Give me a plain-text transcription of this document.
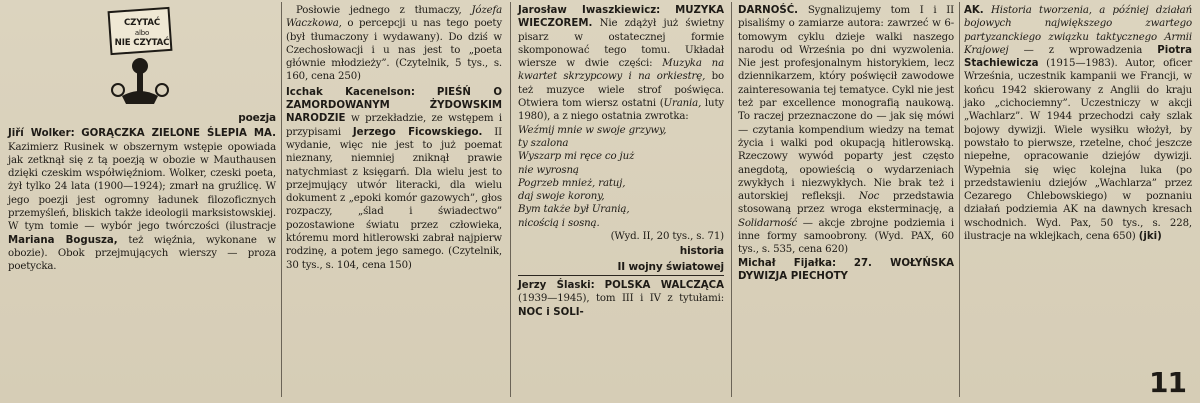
CZYTAĆ
albo
NIE CZYTAĆ
poezja

Jiří Wolker: GORĄCZKA ZIELONE ŚLEPIA MA. Kazimierz Rusinek w obszernym wstępie opowiada jak zetknął się z tą poezją w obozie w Mauthausen dzięki czeskim współwięźniom. Wolker, czeski poeta, żył tylko 24 lata (1900—1924); zmarł na gruźlicę. W jego poezji jest ogromny ładunek filozoficznych przemyśleń, bliskich także ideologii marksistowskiej. W tym tomie — wybór jego twórczości (ilustracje Mariana Bogusza, też więźnia, wykonane w obozie). Obok przejmujących wierszy — proza poetycka.

Posłowie jednego z tłumaczy, Józefa Waczkowa, o percepcji u nas tego poety (był tłumaczony i wydawany). Do dziś w Czechosłowacji i u nas jest to „poeta głównie młodzieży”. (Czytelnik, 5 tys., s. 160, cena 250)

Icchak Kacenelson: PIEŚŃ O ZAMORDOWANYM ŻYDOWSKIM NARODZIE w przekładzie, ze wstępem i przypisami Jerzego Ficowskiego. II wydanie, więc nie jest to już poemat nieznany, niemniej zniknął prawie natychmiast z księgarń. Dla wielu jest to przejmujący utwór literacki, dla wielu dokument z „epoki komór gazowych”, głos rozpaczy, „ślad i świadectwo” pozostawione światu przez człowieka, któremu mord hitlerowski zabrał najpierw rodzinę, a potem jego samego. (Czytelnik, 30 tys., s. 104, cena 150)

Jarosław Iwaszkiewicz: MUZYKA WIECZOREM. Nie zdążył już świetny pisarz w ostatecznej formie skomponować tego tomu. Układał wiersze w dwie części: Muzyka na kwartet skrzypcowy i na orkiestrę, bo też muzyce wiele strof poświęca. Otwiera tom wiersz ostatni (Urania, luty 1980), a z niego ostatnia zwrotka:

Weźmij mnie w swoje grzywy,
ty szalona
Wyszarp mi ręce co już
nie wyrosną
Pogrzeb mnież, ratuj,
daj swoje korony,
Bym także był Uranią,
nicością i sosną.

(Wyd. II, 20 tys., s. 71)

historia
II wojny światowej

Jerzy Ślaski: POLSKA WALCZĄCA (1939—1945), tom III i IV z tytułami: NOC i SOLI-

DARNOŚĆ. Sygnalizujemy tom I i II pisaliśmy o zamiarze autora: zawrzeć w 6-tomowym cyklu dzieje walki naszego narodu od Września po dni wyzwolenia. Nie jest profesjonalnym historykiem, lecz dziennikarzem, który poświęcił zawodowe zainteresowania tej tematyce. Cykl nie jest też par excellence monografią naukową. To raczej przeznaczone do — jak się mówi — czytania kompendium wiedzy na temat życia i walki pod okupacją hitlerowską. Rzeczowy wywód poparty jest często anegdotą, opowieścią o wydarzeniach zwykłych i niezwykłych. Nie brak też i autorskiej refleksji. Noc przedstawia stosowaną przez wroga eksterminację, a Solidarność — akcje zbrojne podziemia i inne formy samoobrony. (Wyd. PAX, 60 tys., s. 535, cena 620)

Michał Fijałka: 27. WOŁYŃSKA DYWIZJA PIECHOTY

AK. Historia tworzenia, a później działań bojowych największego zwartego partyzanckiego związku taktycznego Armii Krajowej — z wprowadzenia Piotra Stachiewicza (1915—1983). Autor, oficer Września, uczestnik kampanii we Francji, w końcu 1942 skierowany z Anglii do kraju jako „cichociemny”. Uczestniczy w akcji „Wachlarz”. W 1944 przechodzi cały szlak bojowy dywizji. Wiele wysiłku włożył, by powstało to pierwsze, rzetelne, choć jeszcze niepełne, opracowanie dziejów dywizji. Wypełnia się więc kolejna luka (po przedstawieniu dziejów „Wachlarza” przez Cezarego Chlebowskiego) w poznaniu działań podziemia AK na dawnych kresach wschodnich. Wyd. Pax, 50 tys., s. 228, ilustracje na wklejkach, cena 650) (jki)

11
